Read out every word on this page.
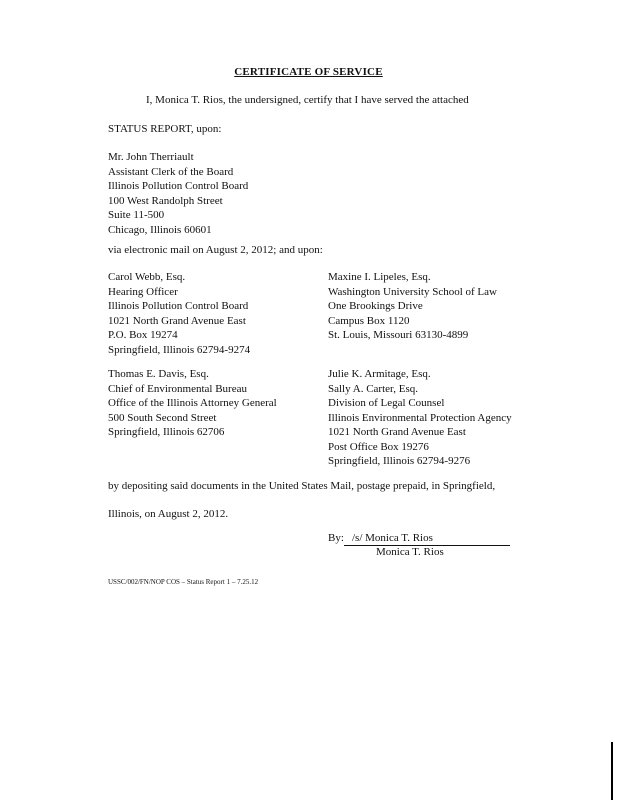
CERTIFICATE OF SERVICE
I, Monica T. Rios, the undersigned, certify that I have served the attached
STATUS REPORT, upon:
Mr. John Therriault
Assistant Clerk of the Board
Illinois Pollution Control Board
100 West Randolph Street
Suite 11-500
Chicago, Illinois 60601
via electronic mail on August 2, 2012; and upon:
Carol Webb, Esq.
Hearing Officer
Illinois Pollution Control Board
1021 North Grand Avenue East
P.O. Box 19274
Springfield, Illinois 62794-9274
Maxine I. Lipeles, Esq.
Washington University School of Law
One Brookings Drive
Campus Box 1120
St. Louis, Missouri 63130-4899
Thomas E. Davis, Esq.
Chief of Environmental Bureau
Office of the Illinois Attorney General
500 South Second Street
Springfield, Illinois 62706
Julie K. Armitage, Esq.
Sally A. Carter, Esq.
Division of Legal Counsel
Illinois Environmental Protection Agency
1021 North Grand Avenue East
Post Office Box 19276
Springfield, Illinois 62794-9276
by depositing said documents in the United States Mail, postage prepaid, in Springfield,
Illinois, on August 2, 2012.
By: /s/ Monica T. Rios
Monica T. Rios
USSC/002/FN/NOP COS – Status Report 1 – 7.25.12
